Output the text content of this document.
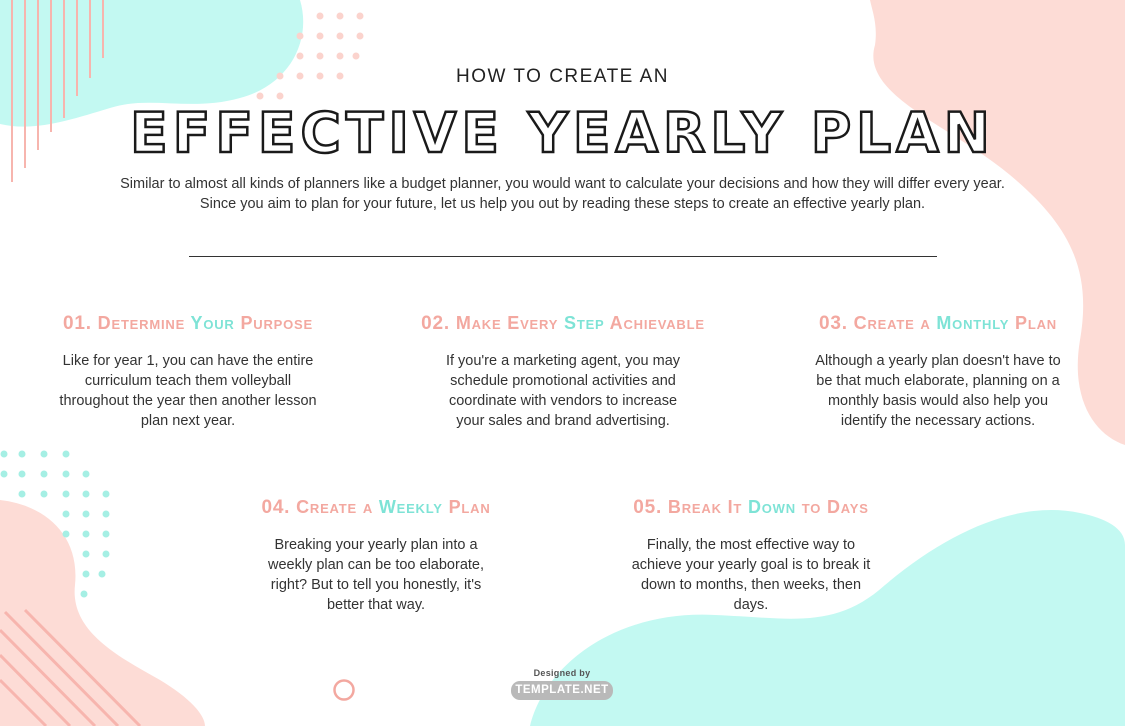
HOW TO CREATE AN
EFFECTIVE YEARLY PLAN
Similar to almost all kinds of planners like a budget planner, you would want to calculate your decisions and how they will differ every year. Since you aim to plan for your future, let us help you out by reading these steps to create an effective yearly plan.
01. Determine Your Purpose
Like for year 1, you can have the entire curriculum teach them volleyball throughout the year then another lesson plan next year.
02. Make Every Step Achievable
If you're a marketing agent, you may schedule promotional activities and coordinate with vendors to increase your sales and brand advertising.
03. Create a Monthly Plan
Although a yearly plan doesn't have to be that much elaborate, planning on a monthly basis would also help you identify the necessary actions.
04. Create a Weekly Plan
Breaking your yearly plan into a weekly plan can be too elaborate, right? But to tell you honestly, it's better that way.
05. Break It Down to Days
Finally, the most effective way to achieve your yearly goal is to break it down to months, then weeks, then days.
Designed by
TEMPLATE.NET
